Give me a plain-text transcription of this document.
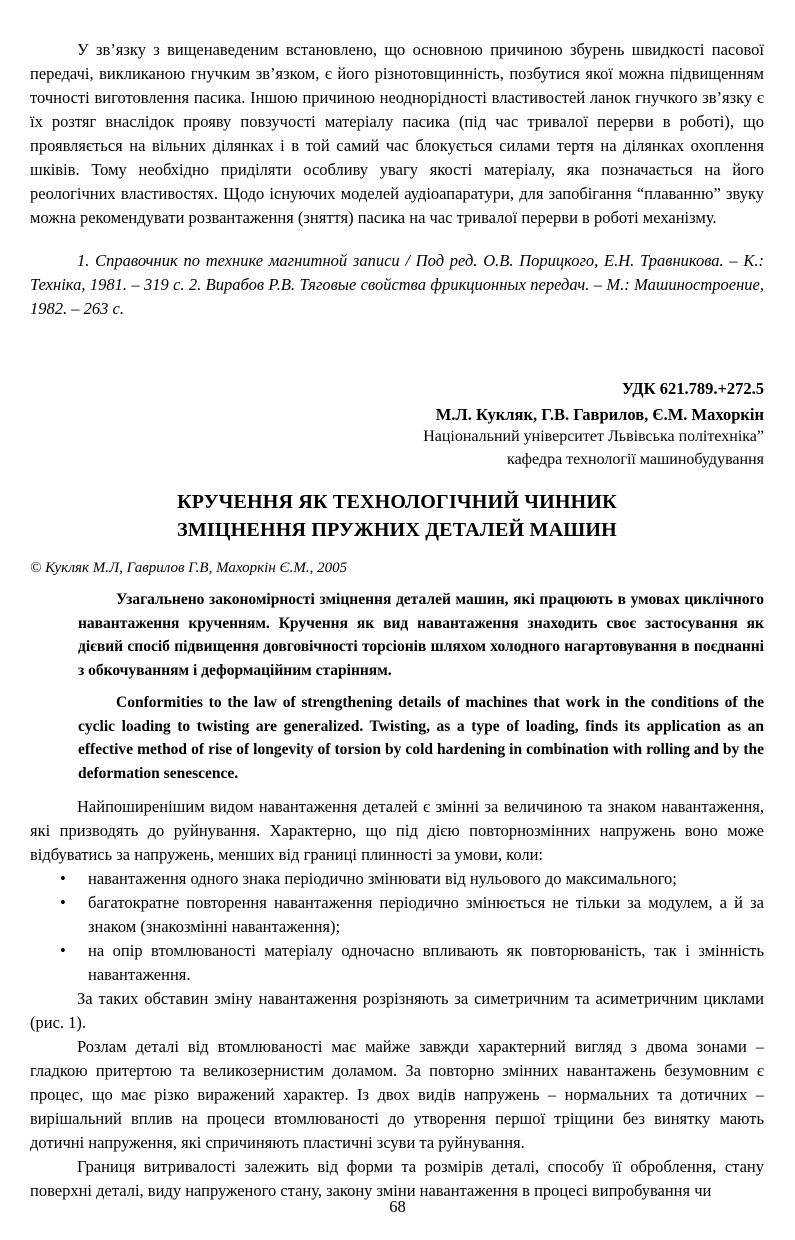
У зв’язку з вищенаведеним встановлено, що основною причиною збурень швидкості пасової передачі, викликаною гнучким зв’язком, є його різнотовщинність, позбутися якої можна підвищенням точності виготовлення пасика. Іншою причиною неоднорідності властивостей ланок гнучкого зв’язку є їх розтяг внаслідок прояву повзучості матеріалу пасика (під час тривалої перерви в роботі), що проявляється на вільних ділянках і в той самий час блокується силами тертя на ділянках охоплення шківів. Тому необхідно приділяти особливу увагу якості матеріалу, яка позначається на його реологічних властивостях. Щодо існуючих моделей аудіоапаратури, для запобігання “плаванню” звуку можна рекомендувати розвантаження (зняття) пасика на час тривалої перерви в роботі механізму.

1. Справочник по технике магнитной записи / Под ред. О.В. Порицкого, Е.Н. Травникова. – К.: Техніка, 1981. – 319 с. 2. Вирабов Р.В. Тяговые свойства фрикционных передач. – М.: Машиностроение, 1982. – 263 с.

УДК 621.789.+272.5

М.Л. Кукляк, Г.В. Гаврилов, Є.М. Махоркін

Національний університет Львівська політехніка”

кафедра технології машинобудування

КРУЧЕННЯ ЯК ТЕХНОЛОГІЧНИЙ ЧИННИК
ЗМІЦНЕННЯ ПРУЖНИХ ДЕТАЛЕЙ МАШИН

© Кукляк М.Л, Гаврилов Г.В, Махоркін Є.М., 2005

Узагальнено закономірності зміцнення деталей машин, які працюють в умовах циклічного навантаження крученням. Кручення як вид навантаження знаходить своє застосування як дієвий спосіб підвищення довговічності торсіонів шляхом холодного нагартовування в поєднанні з обкочуванням і деформаційним старінням.

Conformities to the law of strengthening details of machines that work in the conditions of the cyclic loading to twisting are generalized. Twisting, as a type of loading, finds its application as an effective method of rise of longevity of torsion by cold hardening in combination with rolling and by the deformation senescence.

Найпоширенішим видом навантаження деталей є змінні за величиною та знаком навантаження, які призводять до руйнування. Характерно, що під дією повторнозмінних напружень воно може відбуватись за напружень, менших від границі плинності за умови, коли:

• навантаження одного знака періодично змінювати від нульового до максимального;
• багатократне повторення навантаження періодично змінюється не тільки за модулем, а й за знаком (знакозмінні навантаження);
• на опір втомлюваності матеріалу одночасно впливають як повторюваність, так і змінність навантаження.

За таких обставин зміну навантаження розрізняють за симетричним та асиметричним циклами (рис. 1).

Розлам деталі від втомлюваності має майже завжди характерний вигляд з двома зонами – гладкою притертою та великозернистим доламом. За повторно змінних навантажень безумовним є процес, що має різко виражений характер. Із двох видів напружень – нормальних та дотичних – вирішальний вплив на процеси втомлюваності до утворення першої тріщини без винятку мають дотичні напруження, які спричиняють пластичні зсуви та руйнування.

Границя витривалості залежить від форми та розмірів деталі, способу її оброблення, стану поверхні деталі, виду напруженого стану, закону зміни навантаження в процесі випробування чи

68
